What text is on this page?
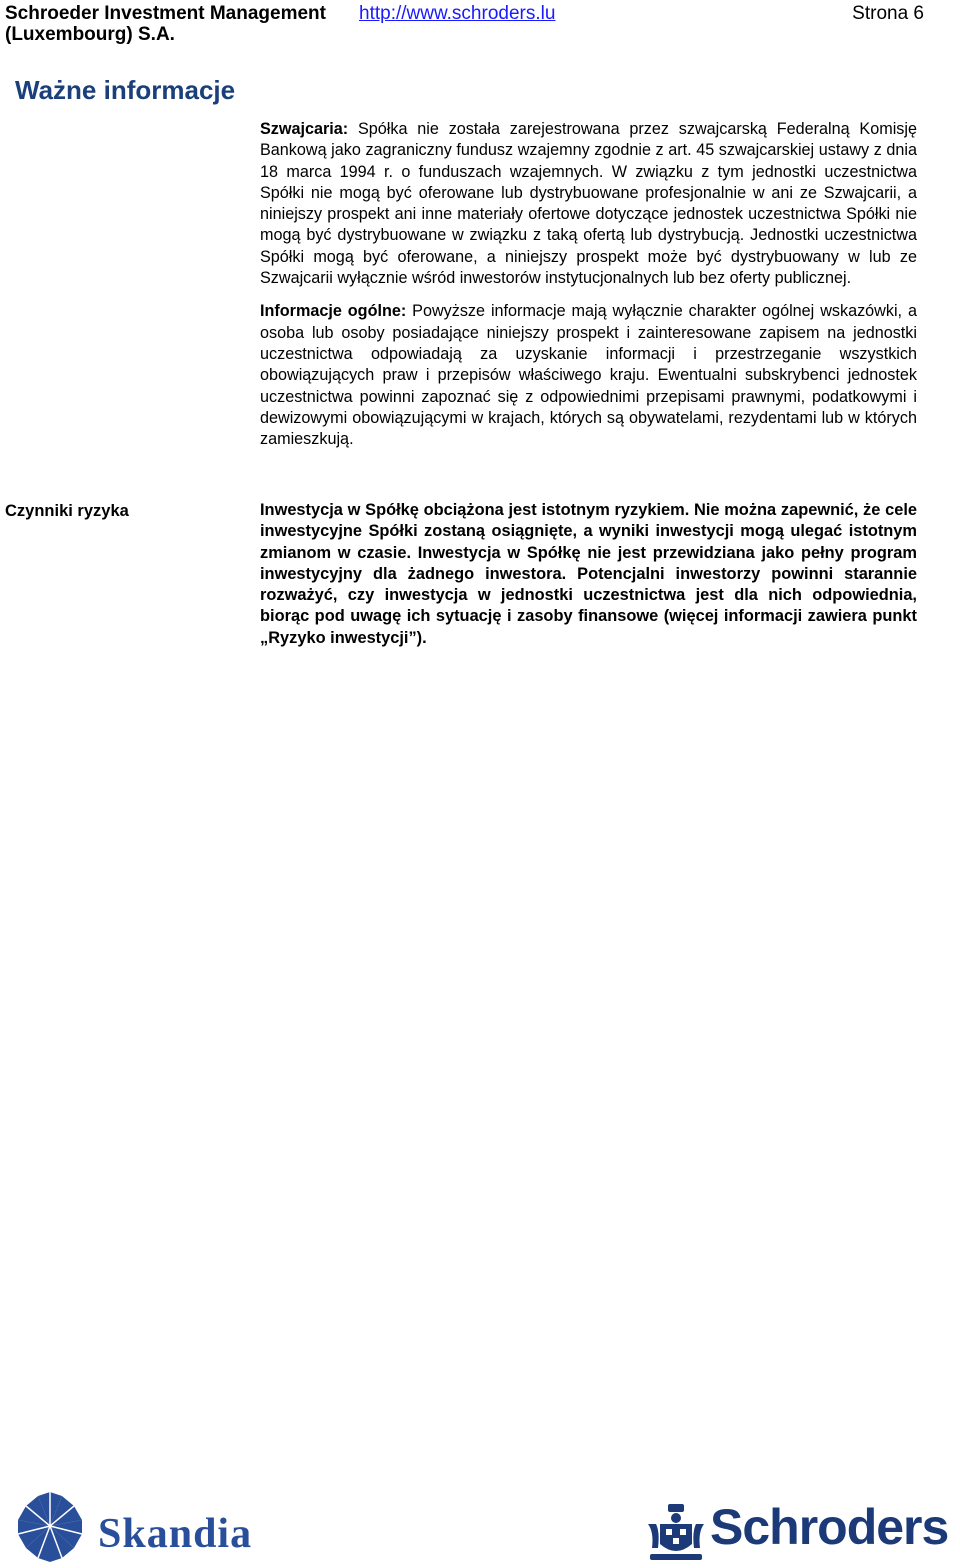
Schroeder Investment Management (Luxembourg) S.A.
http://www.schroders.lu	Strona 6
Ważne informacje

Szwajcaria: Spółka nie została zarejestrowana przez szwajcarską Federalną Komisję Bankową jako zagraniczny fundusz wzajemny zgodnie z art. 45 szwajcarskiej ustawy z dnia 18 marca 1994 r. o funduszach wzajemnych. W związku z tym jednostki uczestnictwa Spółki nie mogą być oferowane lub dystrybuowane profesjonalnie w ani ze Szwajcarii, a niniejszy prospekt ani inne materiały ofertowe dotyczące jednostek uczestnictwa Spółki nie mogą być dystrybuowane w związku z taką ofertą lub dystrybucją. Jednostki uczestnictwa Spółki mogą być oferowane, a niniejszy prospekt może być dystrybuowany w lub ze Szwajcarii wyłącznie wśród inwestorów instytucjonalnych lub bez oferty publicznej.

Informacje ogólne: Powyższe informacje mają wyłącznie charakter ogólnej wskazówki, a osoba lub osoby posiadające niniejszy prospekt i zainteresowane zapisem na jednostki uczestnictwa odpowiadają za uzyskanie informacji i przestrzeganie wszystkich obowiązujących praw i przepisów właściwego kraju. Ewentualni subskrybenci jednostek uczestnictwa powinni zapoznać się z odpowiednimi przepisami prawnymi, podatkowymi i dewizowymi obowiązującymi w krajach, których są obywatelami, rezydentami lub w których zamieszkują.

Czynniki ryzyka	Inwestycja w Spółkę obciążona jest istotnym ryzykiem. Nie można zapewnić, że cele inwestycyjne Spółki zostaną osiągnięte, a wyniki inwestycji mogą ulegać istotnym zmianom w czasie. Inwestycja w Spółkę nie jest przewidziana jako pełny program inwestycyjny dla żadnego inwestora. Potencjalni inwestorzy powinni starannie rozważyć, czy inwestycja w jednostki uczestnictwa jest dla nich odpowiednia, biorąc pod uwagę ich sytuację i zasoby finansowe (więcej informacji zawiera punkt „Ryzyko inwestycji”).

Skandia	Schroders
